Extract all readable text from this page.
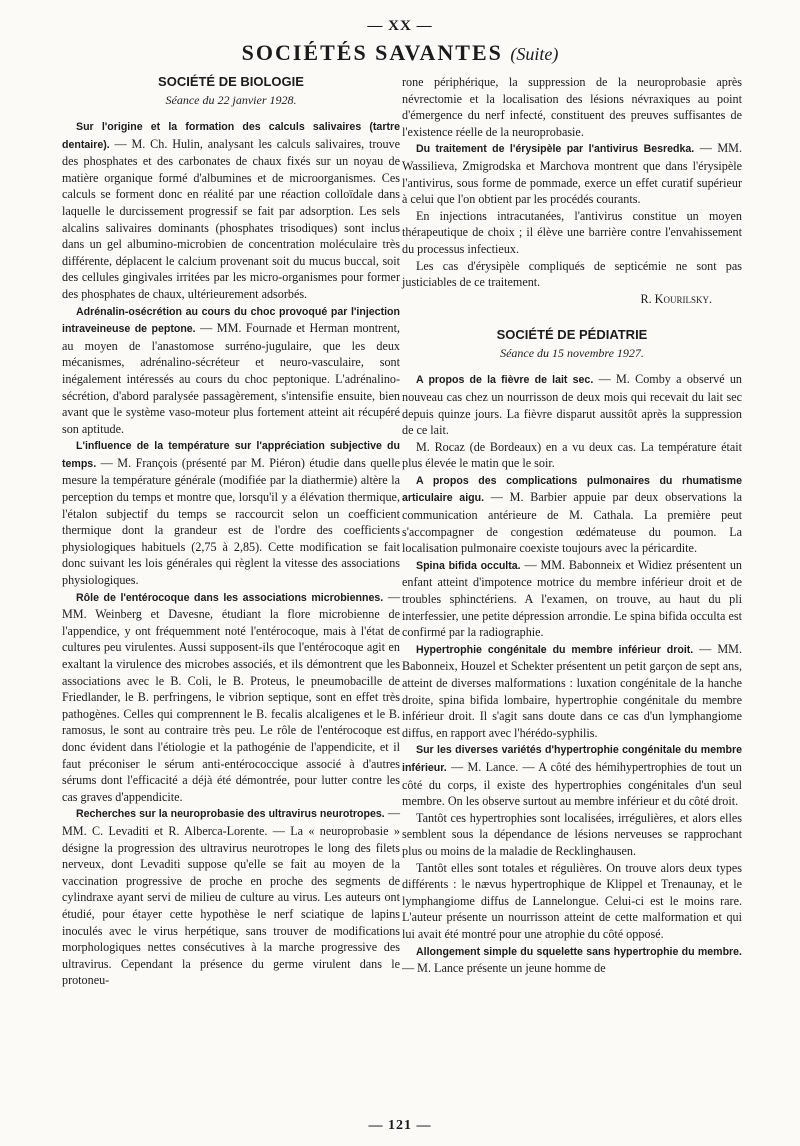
— XX —
SOCIÉTÉS SAVANTES (Suite)
SOCIÉTÉ DE BIOLOGIE
Séance du 22 janvier 1928.

Sur l'origine et la formation des calculs salivaires (tartre dentaire). — M. Ch. Hulin, analysant les calculs salivaires, trouve des phosphates et des carbonates de chaux fixés sur un noyau de matière organique formé d'albumines et de microorganismes. Ces calculs se forment donc en réalité par une réaction colloïdale dans laquelle le durcissement progressif se fait par adsorption. Les sels alcalins salivaires dominants (phosphates trisodiques) sont inclus dans un gel albumino-microbien de concentration moléculaire très différente, déplacent le calcium provenant soit du mucus buccal, soit des cellules gingivales irritées par les micro-organismes pour former des phosphates de chaux, ultérieurement adsorbés.

Adrénalin-osécrétion au cours du choc provoqué par l'injection intraveineuse de peptone. — MM. Fournade et Herman montrent, au moyen de l'anastomose surréno-jugulaire, que les deux mécanismes, adrénalino-sécréteur et neuro-vasculaire, sont inégalement intéressés au cours du choc peptonique. L'adrénalino-sécrétion, d'abord paralysée passagèrement, s'intensifie ensuite, bien avant que le système vaso-moteur plus fortement atteint ait récupéré son aptitude.

L'influence de la température sur l'appréciation subjective du temps. — M. François (présenté par M. Piéron) étudie dans quelle mesure la température générale (modifiée par la diathermie) altère la perception du temps et montre que, lorsqu'il y a élévation thermique, l'étalon subjectif du temps se raccourcit selon un coefficient thermique dont la grandeur est de l'ordre des coefficients physiologiques habituels (2,75 à 2,85). Cette modification se fait donc suivant les lois générales qui règlent la vitesse des associations physiologiques.

Rôle de l'entérocoque dans les associations microbiennes. — MM. Weinberg et Davesne, étudiant la flore microbienne de l'appendice, y ont fréquemment noté l'entérocoque, mais à l'état de cultures peu virulentes. Aussi supposent-ils que l'entérocoque agit en exaltant la virulence des microbes associés, et ils démontrent que les associations avec le B. Coli, le B. Proteus, le pneumobacille de Friedlander, le B. perfringens, le vibrion septique, sont en effet très pathogènes. Celles qui comprennent le B. fecalis alcaligenes et le B. ramosus, le sont au contraire très peu. Le rôle de l'entérocoque est donc évident dans l'étiologie et la pathogénie de l'appendicite, et il faut préconiser le sérum anti-entérococcique associé à d'autres sérums dont l'efficacité a déjà été démontrée, pour lutter contre les cas graves d'appendicite.

Recherches sur la neuroprobasie des ultravirus neurotropes. — MM. C. Levaditi et R. Alberca-Lorente. — La « neuroprobasie » désigne la progression des ultravirus neurotropes le long des filets nerveux, dont Levaditi suppose qu'elle se fait au moyen de la vaccination progressive de proche en proche des segments de cylindraxe ayant servi de milieu de culture au virus. Les auteurs ont étudié, pour étayer cette hypothèse le nerf sciatique de lapins inoculés avec le virus herpétique, sans trouver de modifications morphologiques nettes consécutives à la marche progressive des ultravirus. Cependant la présence du germe virulent dans le protoneu-

rone périphérique, la suppression de la neuroprobasie après névrectomie et la localisation des lésions névraxiques au point d'émergence du nerf infecté, constituent des preuves suffisantes de l'existence réelle de la neuroprobasie.

Du traitement de l'érysipèle par l'antivirus Besredka. — MM. Wassilieva, Zmigrodska et Marchova montrent que dans l'érysipèle l'antivirus, sous forme de pommade, exerce un effet curatif supérieur à celui que l'on obtient par les procédés courants.

En injections intracutanées, l'antivirus constitue un moyen thérapeutique de choix ; il élève une barrière contre l'envahissement du processus infectieux.

Les cas d'érysipèle compliqués de septicémie ne sont pas justiciables de ce traitement.

R. Kourilsky.

SOCIÉTÉ DE PÉDIATRIE
Séance du 15 novembre 1927.

A propos de la fièvre de lait sec. — M. Comby a observé un nouveau cas chez un nourrisson de deux mois qui recevait du lait sec depuis quinze jours. La fièvre disparut aussitôt après la suppression de ce lait.

M. Rocaz (de Bordeaux) en a vu deux cas. La température était plus élevée le matin que le soir.

A propos des complications pulmonaires du rhumatisme articulaire aigu. — M. Barbier appuie par deux observations la communication antérieure de M. Cathala. La première peut s'accompagner de congestion œdémateuse du poumon. La localisation pulmonaire coexiste toujours avec la péricardite.

Spina bifida occulta. — MM. Babonneix et Widiez présentent un enfant atteint d'impotence motrice du membre inférieur droit et de troubles sphinctériens. A l'examen, on trouve, au haut du pli interfessier, une petite dépression arrondie. Le spina bifida occulta est confirmé par la radiographie.

Hypertrophie congénitale du membre inférieur droit. — MM. Babonneix, Houzel et Schekter présentent un petit garçon de sept ans, atteint de diverses malformations : luxation congénitale de la hanche droite, spina bifida lombaire, hypertrophie congénitale du membre inférieur droit. Il s'agit sans doute dans ce cas d'un lymphangiome diffus, en rapport avec l'hérédo-syphilis.

Sur les diverses variétés d'hypertrophie congénitale du membre inférieur. — M. Lance. — A côté des hémihypertrophies de tout un côté du corps, il existe des hypertrophies congénitales d'un seul membre. On les observe surtout au membre inférieur et du côté droit.

Tantôt ces hypertrophies sont localisées, irrégulières, et alors elles semblent sous la dépendance de lésions nerveuses se rapprochant plus ou moins de la maladie de Recklinghausen.

Tantôt elles sont totales et régulières. On trouve alors deux types différents : le nævus hypertrophique de Klippel et Trenaunay, et le lymphangiome diffus de Lannelongue. Celui-ci est le moins rare. L'auteur présente un nourrisson atteint de cette malformation et qui lui avait été montré pour une atrophie du côté opposé.

Allongement simple du squelette sans hypertrophie du membre. — M. Lance présente un jeune homme de

— 121 —
